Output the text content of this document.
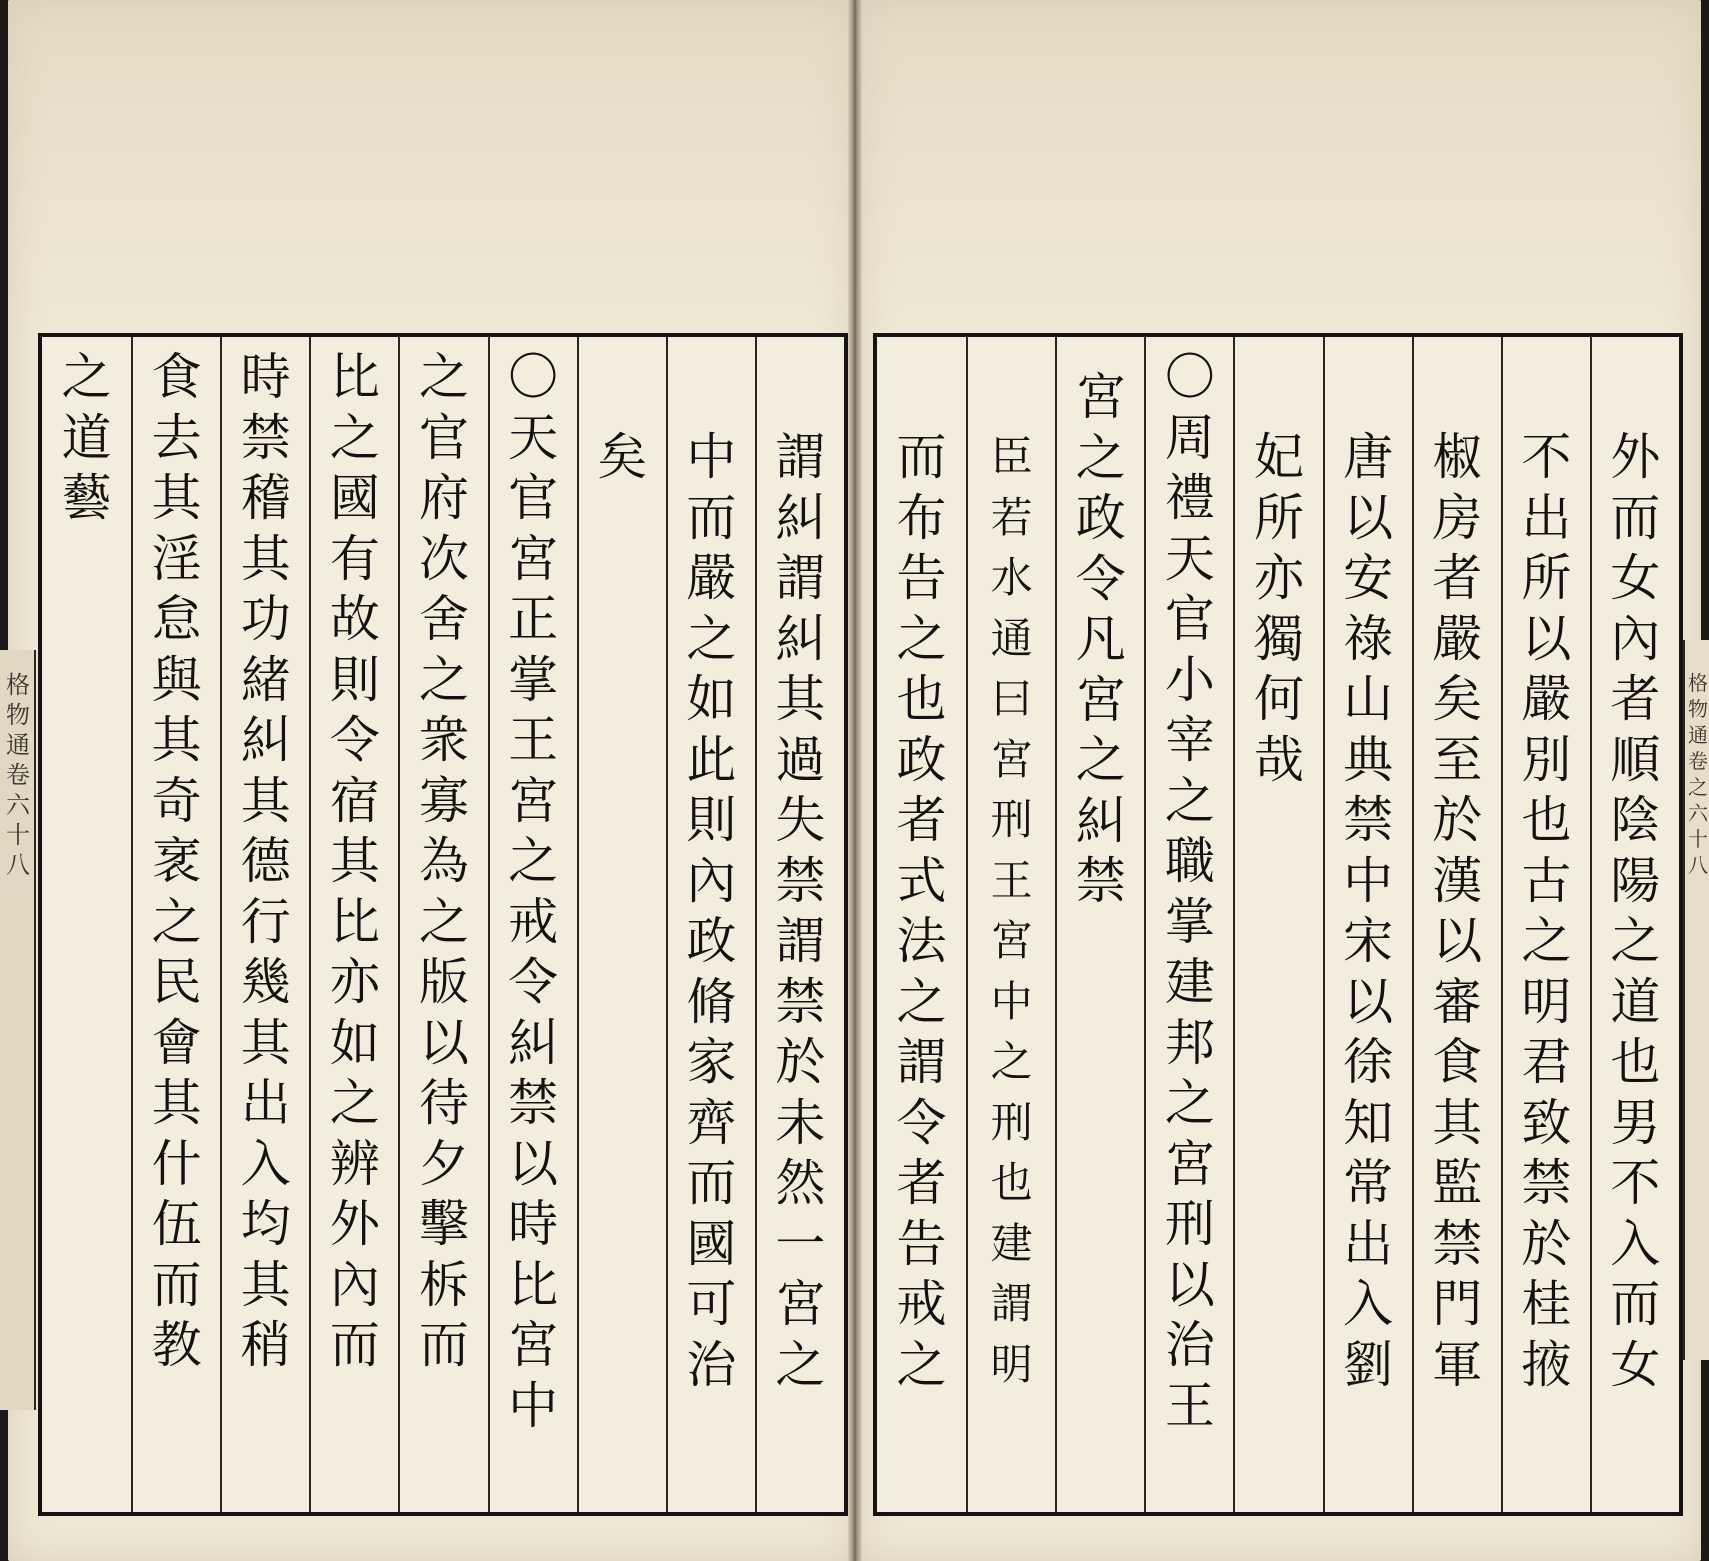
格物通卷六十八
謂糾謂糾其過失禁謂禁於未然一宮之
中而嚴之如此則內政脩家齊而國可治
矣
〇天官宮正掌王宮之戒令糾禁以時比宮中
之官府次舍之衆寡為之版以待夕擊柝而
比之國有故則令宿其比亦如之辨外內而
時禁稽其功緒糾其德行幾其出入均其稍
食去其淫怠與其奇衺之民會其什伍而教
之道藝
外而女內者順陰陽之道也男不入而女
不出所以嚴別也古之明君致禁於桂掖
椒房者嚴矣至於漢以審食其監禁門軍
唐以安祿山典禁中宋以徐知常出入劉
妃所亦獨何哉
〇周禮天官小宰之職掌建邦之宮刑以治王
宮之政令凡宮之糾禁
臣若水通曰宮刑王宮中之刑也建謂明
而布告之也政者式法之謂令者告戒之
格物通卷之六十八
